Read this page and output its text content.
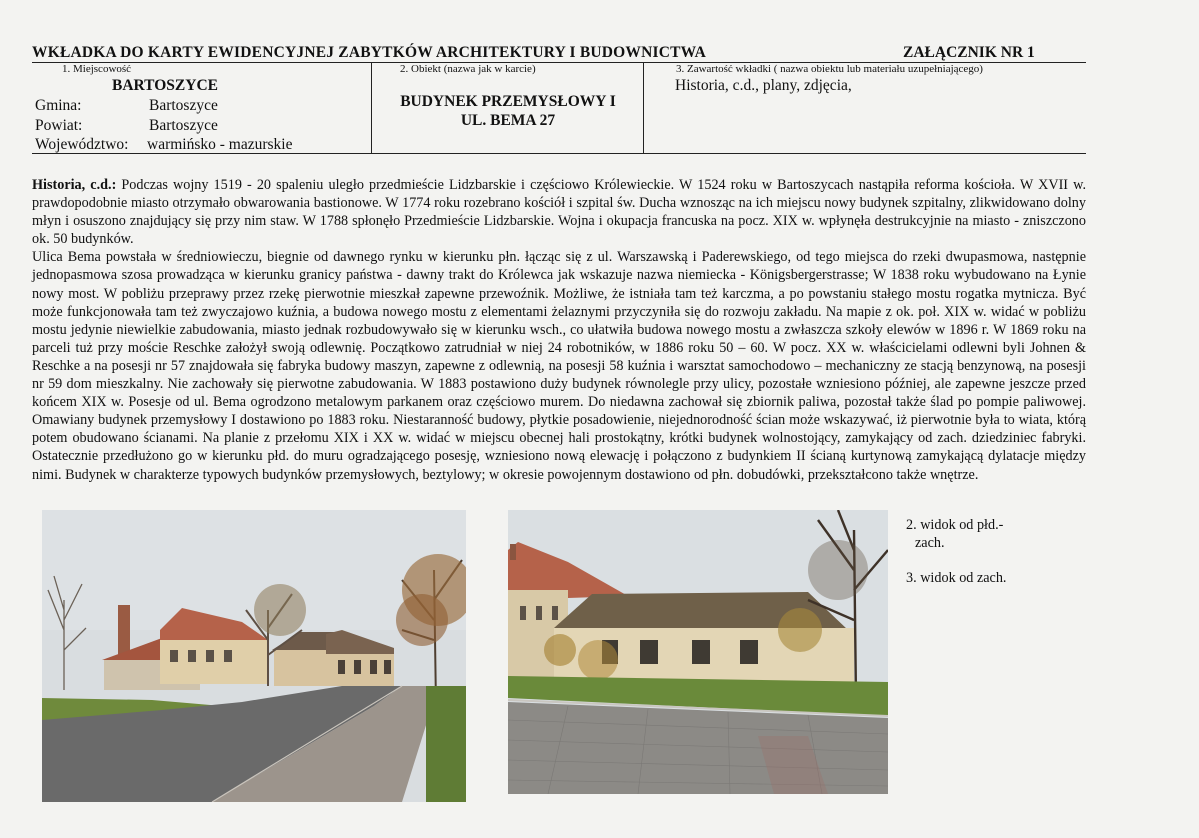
WKŁADKA DO KARTY EWIDENCYJNEJ ZABYTKÓW ARCHITEKTURY I BUDOWNICTWA	ZAŁĄCZNIK NR 1
1. Miejscowość
BARTOSZYCE
Gmina:	Bartoszyce
Powiat:	Bartoszyce
Województwo: warmińsko - mazurskie
2. Obiekt (nazwa jak w karcie)
BUDYNEK PRZEMYSŁOWY I
UL. BEMA 27
3. Zawartość wkładki ( nazwa obiektu lub materiału uzupełniającego)
Historia, c.d., plany, zdjęcia,

Historia, c.d.: Podczas wojny 1519 - 20 spaleniu uległo przedmieście Lidzbarskie i częściowo Królewieckie. W 1524 roku w Bartoszycach nastąpiła reforma kościoła. W XVII w. prawdopodobnie miasto otrzymało obwarowania bastionowe. W 1774 roku rozebrano kościół i szpital św. Ducha wznosząc na ich miejscu nowy budynek szpitalny, zlikwidowano dolny młyn i osuszono znajdujący się przy nim staw. W 1788 spłonęło Przedmieście Lidzbarskie. Wojna i okupacja francuska na pocz. XIX w. wpłynęła destrukcyjnie na miasto - zniszczono ok. 50 budynków.

Ulica Bema powstała w średniowieczu, biegnie od dawnego rynku w kierunku płn. łącząc się z ul. Warszawską i Paderewskiego, od tego miejsca do rzeki dwupasmowa, następnie jednopasmowa szosa prowadząca w kierunku granicy państwa - dawny trakt do Królewca jak wskazuje nazwa niemiecka - Königsbergerstrasse; W 1838 roku wybudowano na Łynie nowy most. W pobliżu przeprawy przez rzekę pierwotnie mieszkał zapewne przewoźnik. Możliwe, że istniała tam też karczma, a po powstaniu stałego mostu rogatka mytnicza. Być może funkcjonowała tam też zwyczajowo kuźnia, a budowa nowego mostu z elementami żelaznymi przyczyniła się do rozwoju zakładu. Na mapie z ok. poł. XIX w. widać w pobliżu mostu jedynie niewielkie zabudowania, miasto jednak rozbudowywało się w kierunku wsch., co ułatwiła budowa nowego mostu a zwłaszcza szkoły elewów w 1896 r. W 1869 roku na parceli tuż przy moście Reschke założył swoją odlewnię. Początkowo zatrudniał w niej 24 robotników, w 1886 roku 50 – 60. W pocz. XX w. właścicielami odlewni byli Johnen & Reschke a na posesji nr 57 znajdowała się fabryka budowy maszyn, zapewne z odlewnią, na posesji 58 kuźnia i warsztat samochodowo – mechaniczny ze stacją benzynową, na posesji nr 59 dom mieszkalny. Nie zachowały się pierwotne zabudowania. W 1883 postawiono duży budynek równolegle przy ulicy, pozostałe wzniesiono później, ale zapewne jeszcze przed końcem XIX w. Posesje od ul. Bema ogrodzono metalowym parkanem oraz częściowo murem. Do niedawna zachował się zbiornik paliwa, pozostał także ślad po pompie paliwowej. Omawiany budynek przemysłowy I dostawiono po 1883 roku. Niestaranność budowy, płytkie posadowienie, niejednorodność ścian może wskazywać, iż pierwotnie była to wiata, którą potem obudowano ścianami. Na planie z przełomu XIX i XX w. widać w miejscu obecnej hali prostokątny, krótki budynek wolnostojący, zamykający od zach. dziedziniec fabryki. Ostatecznie przedłużono go w kierunku płd. do muru ogradzającego posesję, wzniesiono nową elewację i połączono z budynkiem II ścianą kurtynową zamykającą dylatacje między nimi. Budynek w charakterze typowych budynków przemysłowych, beztylowy; w okresie powojennym dostawiono od płn. dobudówki, przekształcono także wnętrze.

2. widok od płd.-
zach.
3. widok od zach.
